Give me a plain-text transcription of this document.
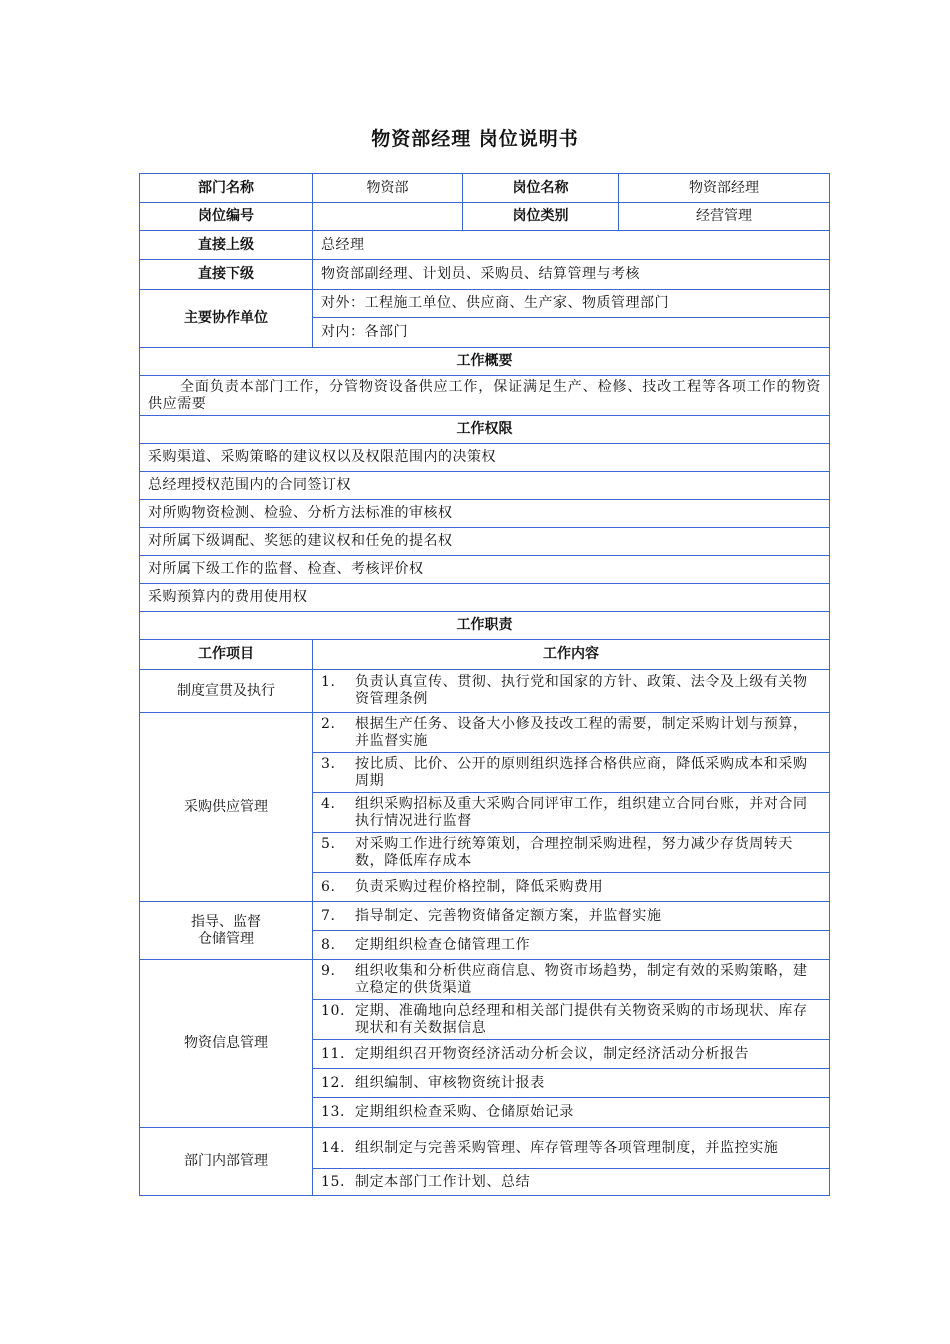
物资部经理 岗位说明书
部门名称	物资部	岗位名称	物资部经理
岗位编号		岗位类别	经营管理
直接上级	总经理		
直接下级	物资部副经理、计划员、采购员、结算管理与考核		
主要协作单位	对外：工程施工单位、供应商、生产家、物质管理部门		
	对内：各部门		
工作概要			
全面负责本部门工作，分管物资设备供应工作，保证满足生产、检修、技改工程等各项工作的物资供应需要			
工作权限			
采购渠道、采购策略的建议权以及权限范围内的决策权			
总经理授权范围内的合同签订权			
对所购物资检测、检验、分析方法标准的审核权			
对所属下级调配、奖惩的建议权和任免的提名权			
对所属下级工作的监督、检查、考核评价权			
采购预算内的费用使用权			
工作职责			
工作项目	工作内容		
制度宣贯及执行	1. 负责认真宣传、贯彻、执行党和国家的方针、政策、法令及上级有关物资管理条例		
采购供应管理	2. 根据生产任务、设备大小修及技改工程的需要，制定采购计划与预算，并监督实施		
	3. 按比质、比价、公开的原则组织选择合格供应商，降低采购成本和采购周期		
	4. 组织采购招标及重大采购合同评审工作，组织建立合同台账，并对合同执行情况进行监督		
	5. 对采购工作进行统筹策划，合理控制采购进程，努力减少存货周转天数，降低库存成本		
	6. 负责采购过程价格控制，降低采购费用		
指导、监督
仓储管理	7. 指导制定、完善物资储备定额方案，并监督实施		
	8. 定期组织检查仓储管理工作		
物资信息管理	9. 组织收集和分析供应商信息、物资市场趋势，制定有效的采购策略，建立稳定的供货渠道		
	10. 定期、准确地向总经理和相关部门提供有关物资采购的市场现状、库存现状和有关数据信息		
	11. 定期组织召开物资经济活动分析会议，制定经济活动分析报告		
	12. 组织编制、审核物资统计报表		
	13. 定期组织检查采购、仓储原始记录		
部门内部管理	14. 组织制定与完善采购管理、库存管理等各项管理制度，并监控实施		
	15. 制定本部门工作计划、总结		
